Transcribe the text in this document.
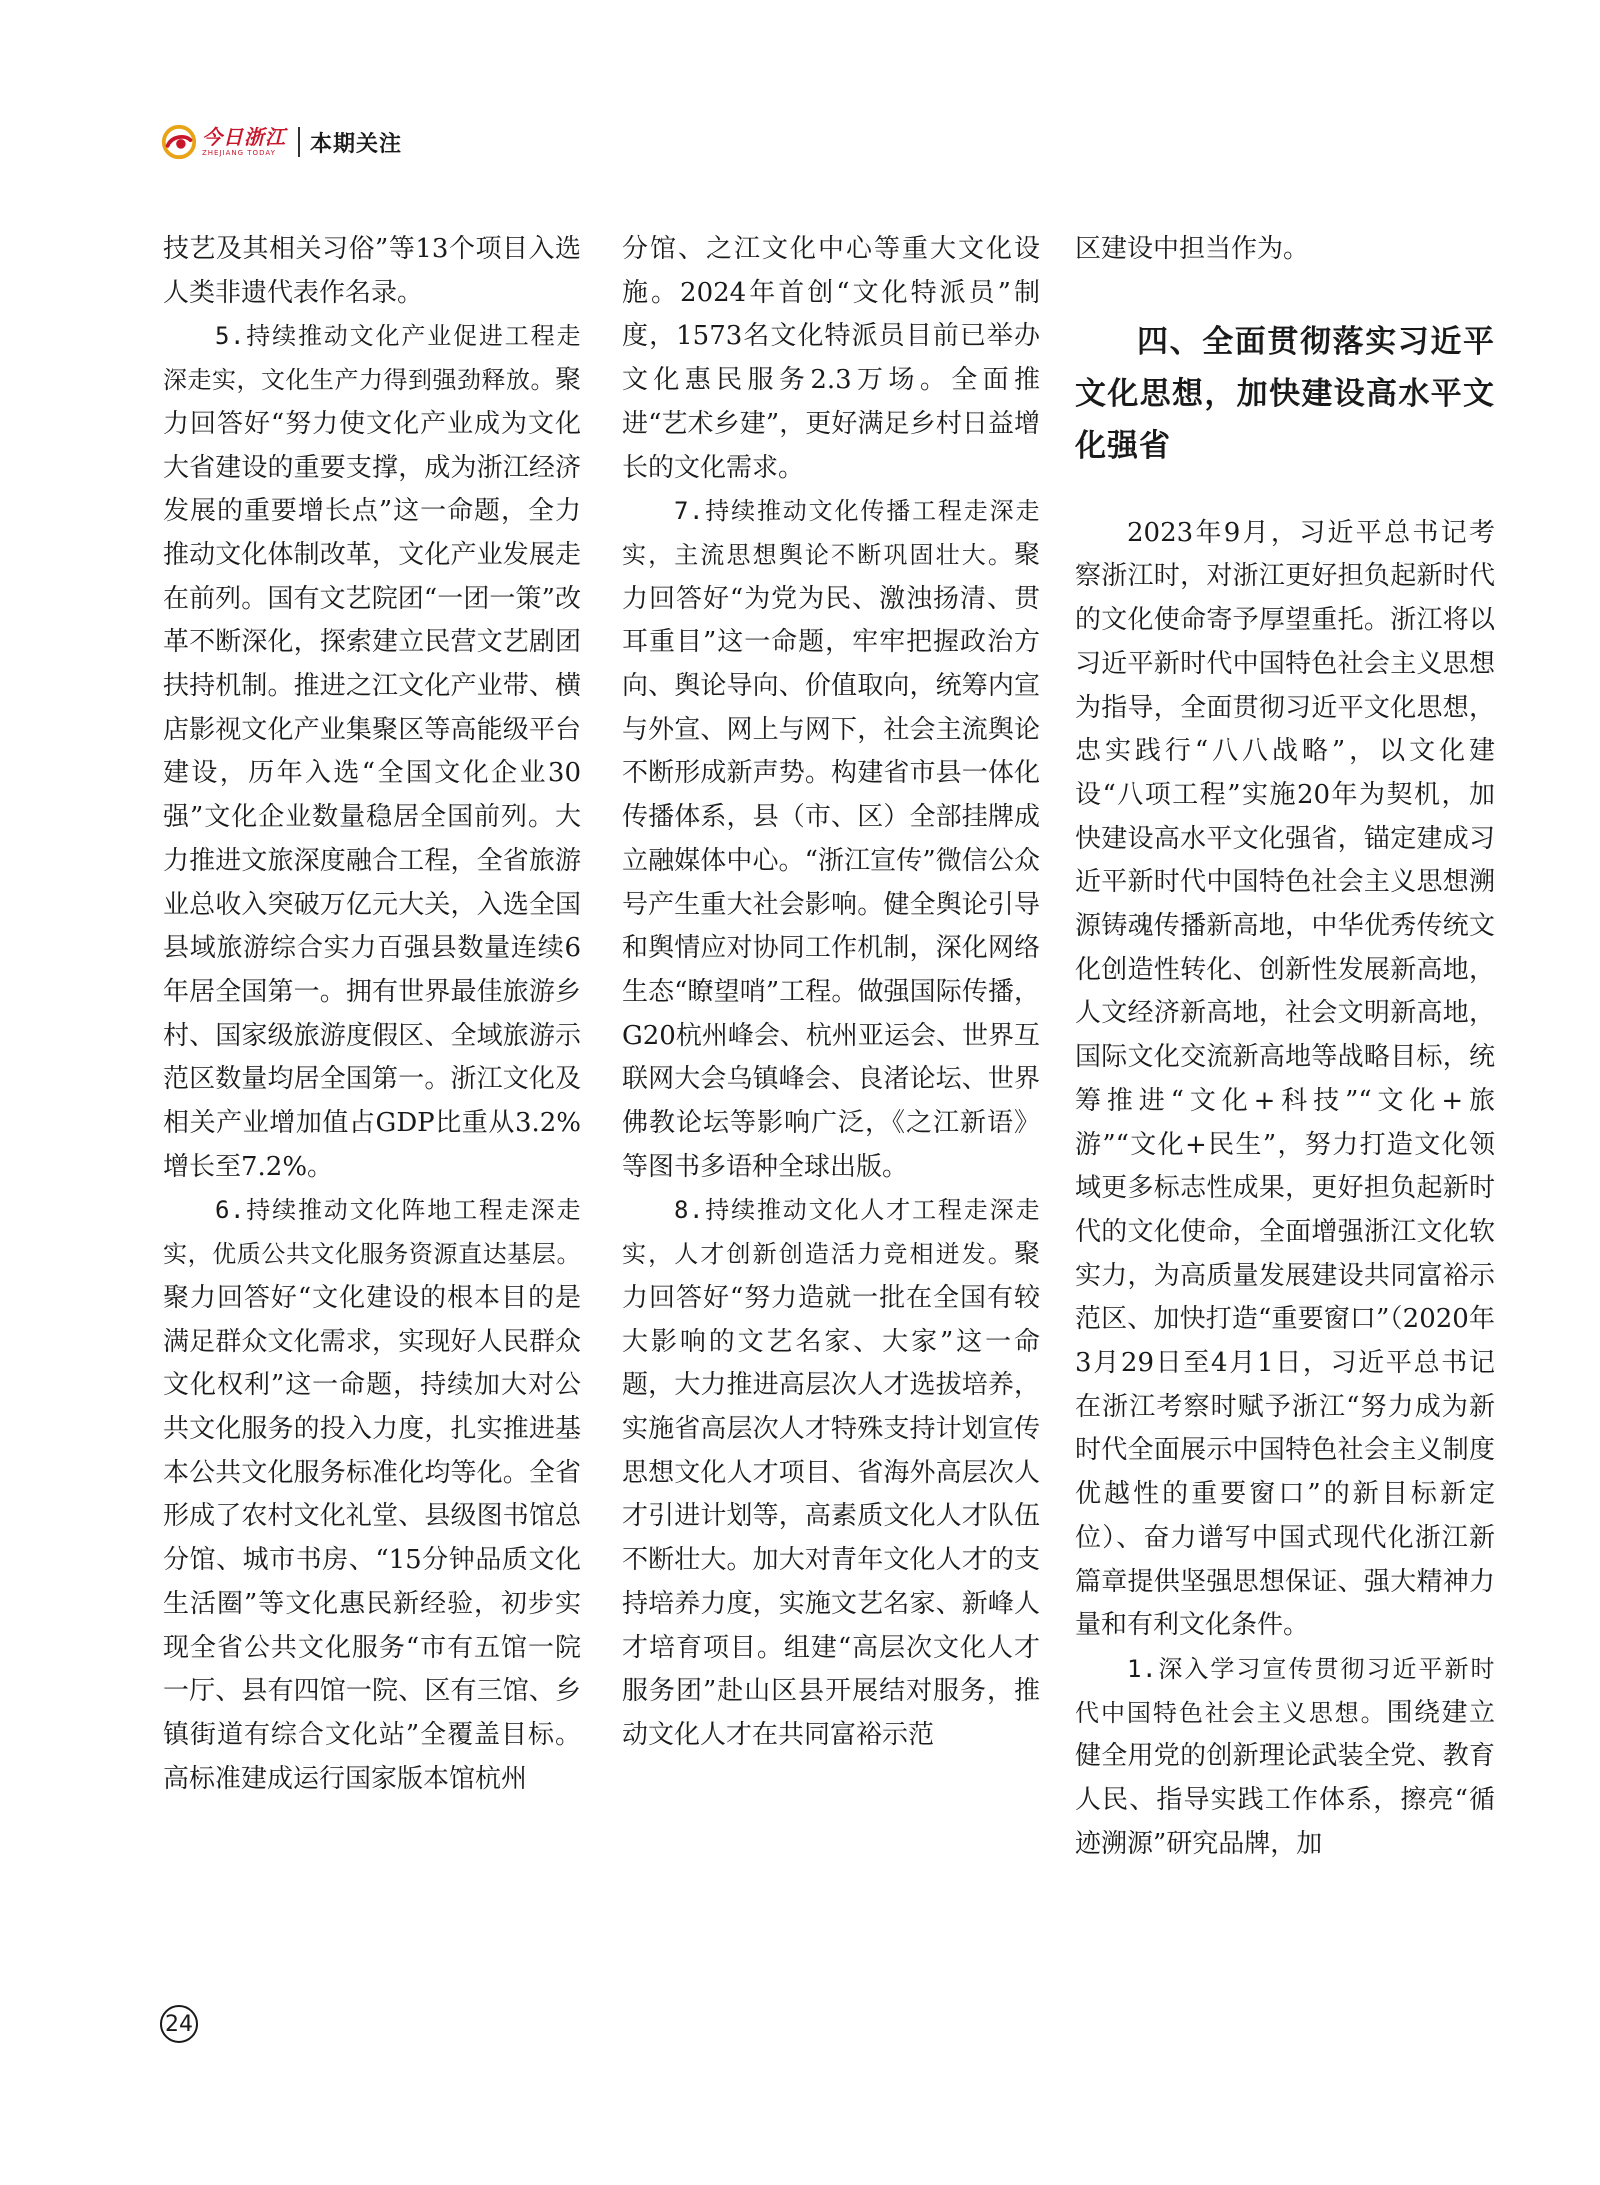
今日浙江
ZHEJIANG TODAY	本期关注

技艺及其相关习俗”等13个项目入选人类非遗代表作名录。

5.持续推动文化产业促进工程走深走实，文化生产力得到强劲释放。聚力回答好“努力使文化产业成为文化大省建设的重要支撑，成为浙江经济发展的重要增长点”这一命题，全力推动文化体制改革，文化产业发展走在前列。国有文艺院团“一团一策”改革不断深化，探索建立民营文艺剧团扶持机制。推进之江文化产业带、横店影视文化产业集聚区等高能级平台建设，历年入选“全国文化企业30强”文化企业数量稳居全国前列。大力推进文旅深度融合工程，全省旅游业总收入突破万亿元大关，入选全国县域旅游综合实力百强县数量连续6年居全国第一。拥有世界最佳旅游乡村、国家级旅游度假区、全域旅游示范区数量均居全国第一。浙江文化及相关产业增加值占GDP比重从3.2%增长至7.2%。

6.持续推动文化阵地工程走深走实，优质公共文化服务资源直达基层。聚力回答好“文化建设的根本目的是满足群众文化需求，实现好人民群众文化权利”这一命题，持续加大对公共文化服务的投入力度，扎实推进基本公共文化服务标准化均等化。全省形成了农村文化礼堂、县级图书馆总分馆、城市书房、“15分钟品质文化生活圈”等文化惠民新经验，初步实现全省公共文化服务“市有五馆一院一厅、县有四馆一院、区有三馆、乡镇街道有综合文化站”全覆盖目标。高标准建成运行国家版本馆杭州

分馆、之江文化中心等重大文化设施。2024年首创“文化特派员”制度，1573名文化特派员目前已举办文化惠民服务2.3万场。全面推进“艺术乡建”，更好满足乡村日益增长的文化需求。

7.持续推动文化传播工程走深走实，主流思想舆论不断巩固壮大。聚力回答好“为党为民、激浊扬清、贯耳重目”这一命题，牢牢把握政治方向、舆论导向、价值取向，统筹内宣与外宣、网上与网下，社会主流舆论不断形成新声势。构建省市县一体化传播体系，县（市、区）全部挂牌成立融媒体中心。“浙江宣传”微信公众号产生重大社会影响。健全舆论引导和舆情应对协同工作机制，深化网络生态“瞭望哨”工程。做强国际传播，G20杭州峰会、杭州亚运会、世界互联网大会乌镇峰会、良渚论坛、世界佛教论坛等影响广泛，《之江新语》等图书多语种全球出版。

8.持续推动文化人才工程走深走实，人才创新创造活力竞相迸发。聚力回答好“努力造就一批在全国有较大影响的文艺名家、大家”这一命题，大力推进高层次人才选拔培养，实施省高层次人才特殊支持计划宣传思想文化人才项目、省海外高层次人才引进计划等，高素质文化人才队伍不断壮大。加大对青年文化人才的支持培养力度，实施文艺名家、新峰人才培育项目。组建“高层次文化人才服务团”赴山区县开展结对服务，推动文化人才在共同富裕示范

区建设中担当作为。

四、全面贯彻落实习近平文化思想，加快建设高水平文化强省

2023年9月，习近平总书记考察浙江时，对浙江更好担负起新时代的文化使命寄予厚望重托。浙江将以习近平新时代中国特色社会主义思想为指导，全面贯彻习近平文化思想，忠实践行“八八战略”，以文化建设“八项工程”实施20年为契机，加快建设高水平文化强省，锚定建成习近平新时代中国特色社会主义思想溯源铸魂传播新高地，中华优秀传统文化创造性转化、创新性发展新高地，人文经济新高地，社会文明新高地，国际文化交流新高地等战略目标，统筹推进“文化+科技”“文化+旅游”“文化+民生”，努力打造文化领域更多标志性成果，更好担负起新时代的文化使命，全面增强浙江文化软实力，为高质量发展建设共同富裕示范区、加快打造“重要窗口”（2020年3月29日至4月1日，习近平总书记在浙江考察时赋予浙江“努力成为新时代全面展示中国特色社会主义制度优越性的重要窗口”的新目标新定位）、奋力谱写中国式现代化浙江新篇章提供坚强思想保证、强大精神力量和有利文化条件。

1.深入学习宣传贯彻习近平新时代中国特色社会主义思想。围绕建立健全用党的创新理论武装全党、教育人民、指导实践工作体系，擦亮“循迹溯源”研究品牌，加

24
